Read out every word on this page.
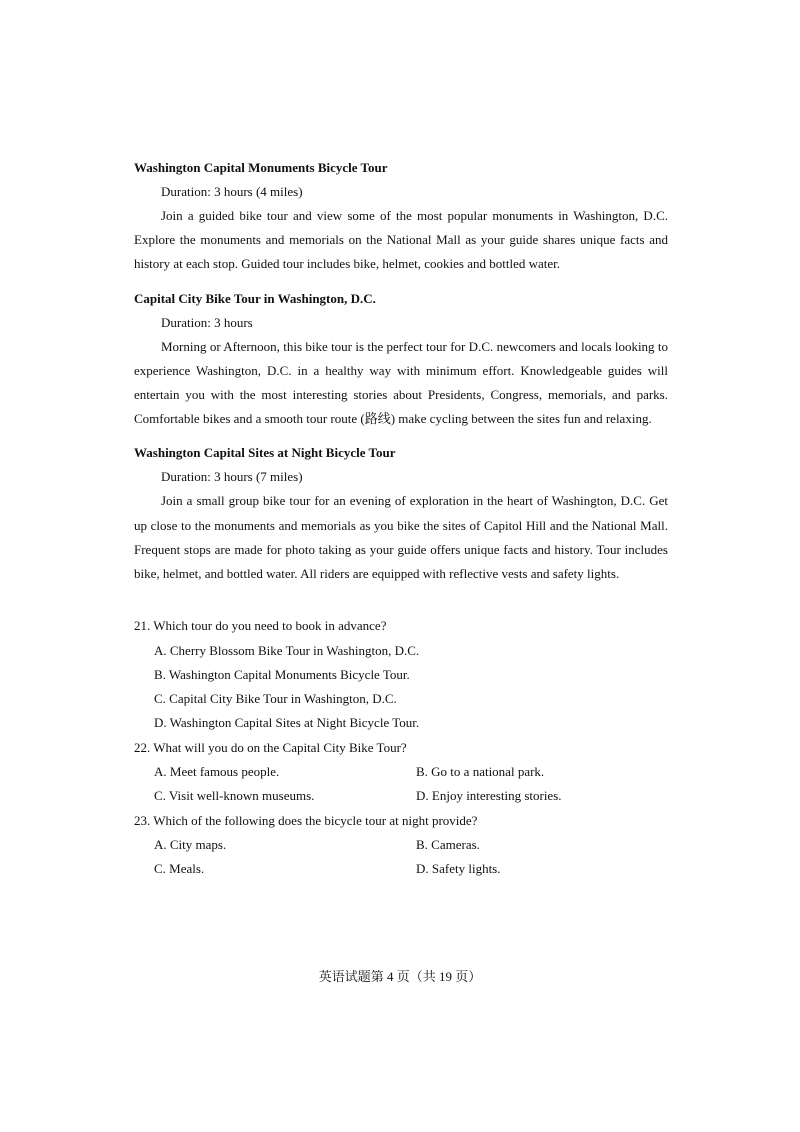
Washington Capital Monuments Bicycle Tour

Duration: 3 hours (4 miles)

Join a guided bike tour and view some of the most popular monuments in Washington, D.C. Explore the monuments and memorials on the National Mall as your guide shares unique facts and history at each stop. Guided tour includes bike, helmet, cookies and bottled water.

Capital City Bike Tour in Washington, D.C.

Duration: 3 hours

Morning or Afternoon, this bike tour is the perfect tour for D.C. newcomers and locals looking to experience Washington, D.C. in a healthy way with minimum effort. Knowledgeable guides will entertain you with the most interesting stories about Presidents, Congress, memorials, and parks. Comfortable bikes and a smooth tour route (路线) make cycling between the sites fun and relaxing.

Washington Capital Sites at Night Bicycle Tour

Duration: 3 hours (7 miles)

Join a small group bike tour for an evening of exploration in the heart of Washington, D.C. Get up close to the monuments and memorials as you bike the sites of Capitol Hill and the National Mall. Frequent stops are made for photo taking as your guide offers unique facts and history. Tour includes bike, helmet, and bottled water. All riders are equipped with reflective vests and safety lights.

21. Which tour do you need to book in advance?

A. Cherry Blossom Bike Tour in Washington, D.C.

B. Washington Capital Monuments Bicycle Tour.

C. Capital City Bike Tour in Washington, D.C.

D. Washington Capital Sites at Night Bicycle Tour.

22. What will you do on the Capital City Bike Tour?

A. Meet famous people.	B. Go to a national park.
C. Visit well-known museums.	D. Enjoy interesting stories.

23. Which of the following does the bicycle tour at night provide?

A. City maps.	B. Cameras.
C. Meals.	D. Safety lights.
英语试题第 4 页（共 19 页）
